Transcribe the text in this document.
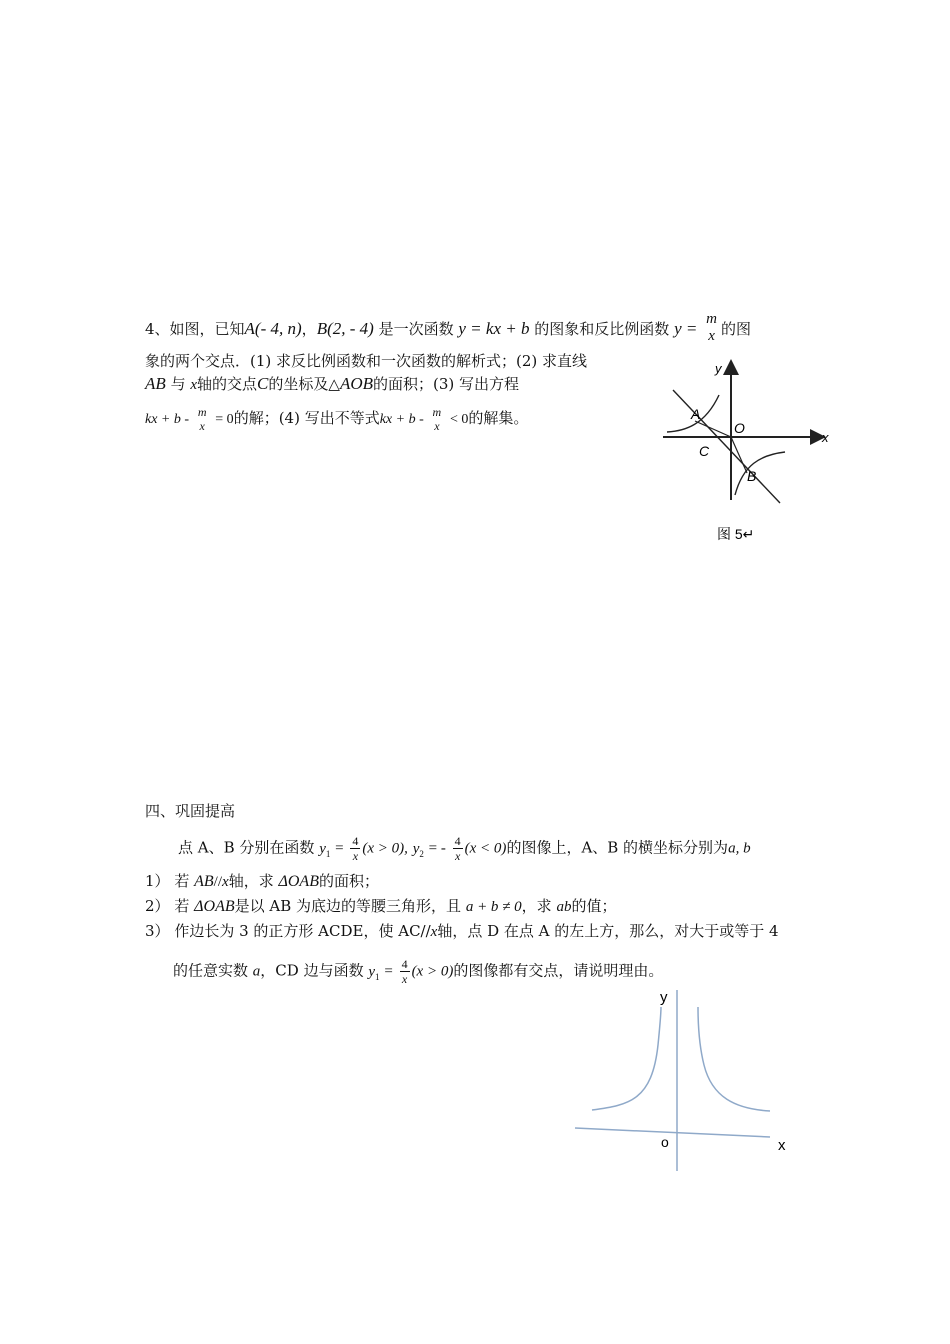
4、如图，已知A(- 4, n)，B(2, - 4) 是一次函数 y = kx + b 的图象和反比例函数 y = m
x 的图
象的两个交点．(1) 求反比例函数和一次函数的解析式；(2) 求直线
AB 与 x轴的交点C的坐标及△AOB的面积；(3) 写出方程
kx + b - m
x = 0的解；(4) 写出不等式kx + b - m
x < 0的解集。
y
x
A
O
C
B
图 5↵
四、巩固提高
点 A、B 分别在函数 $y_1 = \frac{4}{x} (x > 0)$, $y_2$ = - $\frac{4}{x} (x < 0)$的图像上，A、B 的横坐标分别为a, b
1） 若 AB//x轴，求 ΔOAB的面积；
2） 若 ΔOAB是以 AB 为底边的等腰三角形，且 a + b ≠ 0，求 ab的值；
3） 作边长为 3 的正方形 ACDE，使 AC//x轴，点 D 在点 A 的左上方，那么，对大于或等于 4
的任意实数 a，CD 边与函数 $y_1 = \frac{4}{x} (x > 0)$的图像都有交点，请说明理由。
y
x
o
